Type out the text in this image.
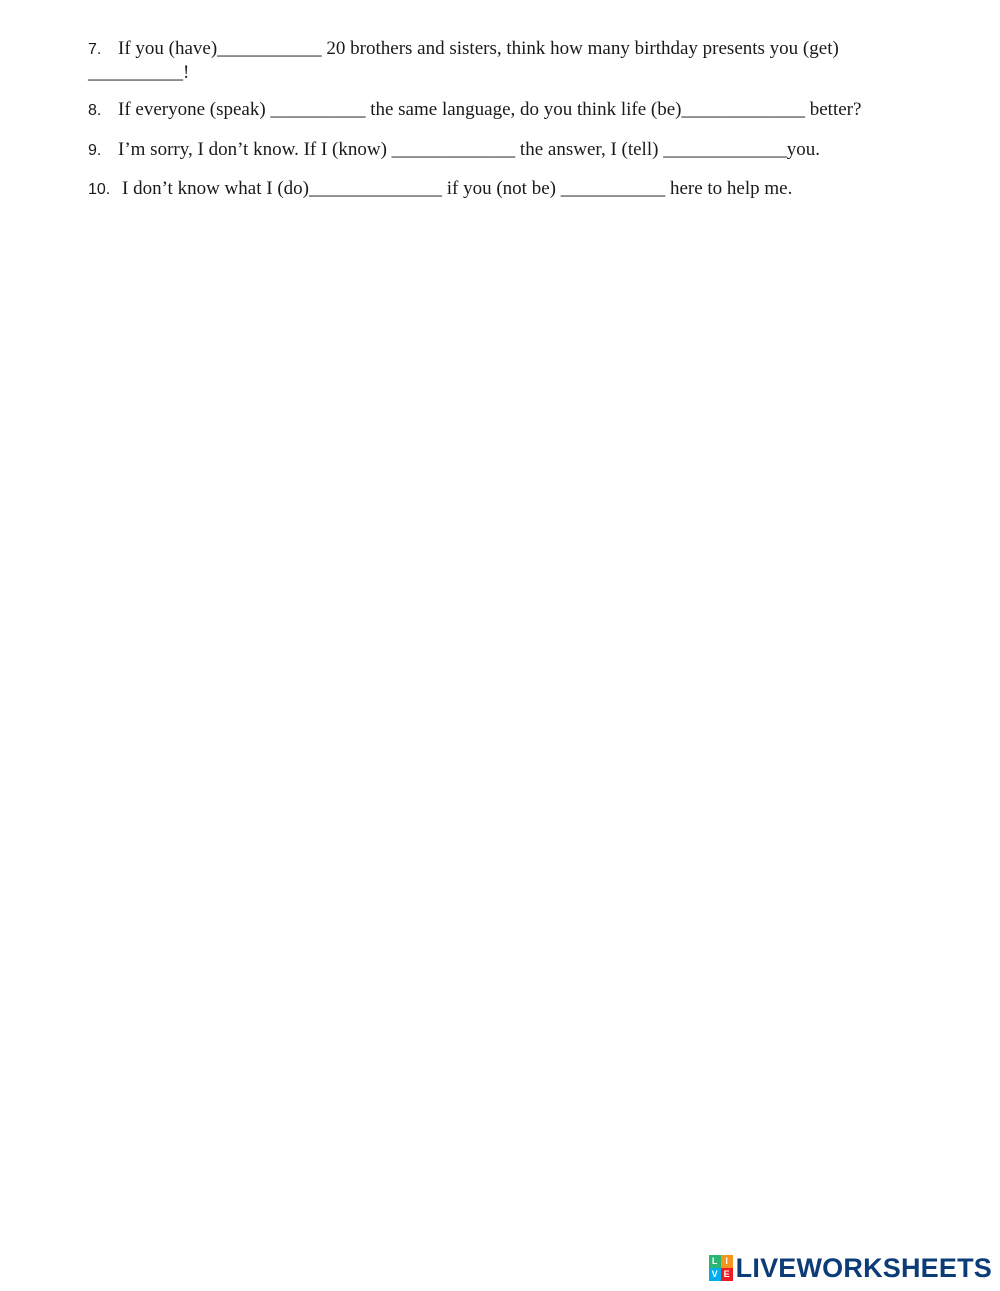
7. If you (have)___________ 20 brothers and sisters, think how many birthday presents you (get)
__________!
8. If everyone (speak) __________ the same language, do you think life (be)_____________ better?
9. I’m sorry, I don’t know. If I (know) _____________ the answer, I (tell) _____________you.
10. I don’t know what I (do)______________ if you (not be) ___________ here to help me.
L I
V E LIVEWORKSHEETS
